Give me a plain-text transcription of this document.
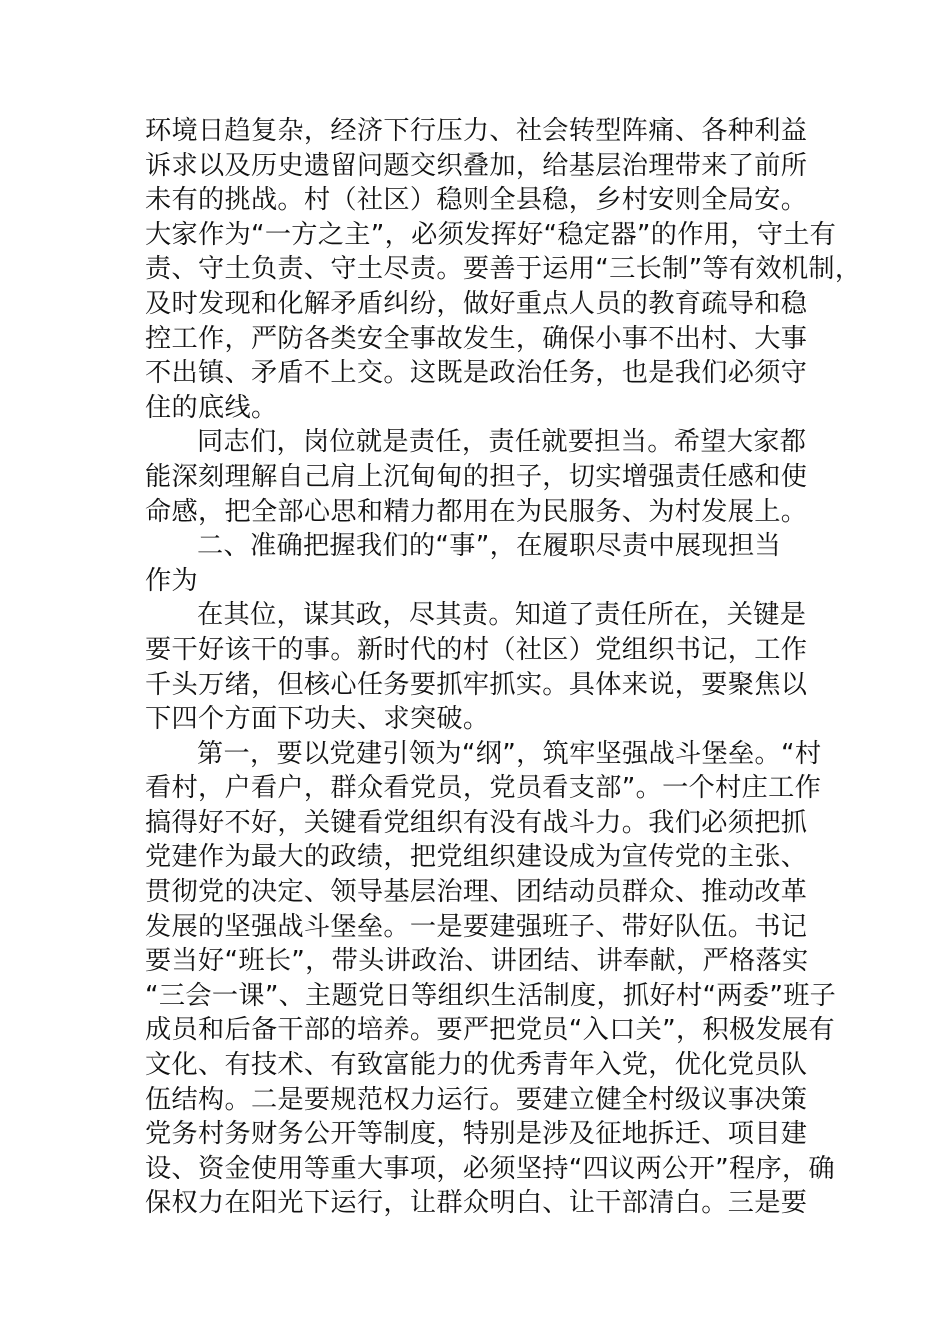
环境日趋复杂，经济下行压力、社会转型阵痛、各种利益
诉求以及历史遗留问题交织叠加，给基层治理带来了前所
未有的挑战。村（社区）稳则全县稳，乡村安则全局安。
大家作为“一方之主”，必须发挥好“稳定器”的作用，守土有
责、守土负责、守土尽责。要善于运用“三长制”等有效机制，
及时发现和化解矛盾纠纷，做好重点人员的教育疏导和稳
控工作，严防各类安全事故发生，确保小事不出村、大事
不出镇、矛盾不上交。这既是政治任务，也是我们必须守
住的底线。
同志们，岗位就是责任，责任就要担当。希望大家都
能深刻理解自己肩上沉甸甸的担子，切实增强责任感和使
命感，把全部心思和精力都用在为民服务、为村发展上。
二、准确把握我们的“事”，在履职尽责中展现担当
作为
在其位，谋其政，尽其责。知道了责任所在，关键是
要干好该干的事。新时代的村（社区）党组织书记，工作
千头万绪，但核心任务要抓牢抓实。具体来说，要聚焦以
下四个方面下功夫、求突破。
第一，要以党建引领为“纲”，筑牢坚强战斗堡垒。“村
看村，户看户，群众看党员，党员看支部”。一个村庄工作
搞得好不好，关键看党组织有没有战斗力。我们必须把抓
党建作为最大的政绩，把党组织建设成为宣传党的主张、
贯彻党的决定、领导基层治理、团结动员群众、推动改革
发展的坚强战斗堡垒。一是要建强班子、带好队伍。书记
要当好“班长”，带头讲政治、讲团结、讲奉献，严格落实
“三会一课”、主题党日等组织生活制度，抓好村“两委”班子
成员和后备干部的培养。要严把党员“入口关”，积极发展有
文化、有技术、有致富能力的优秀青年入党，优化党员队
伍结构。二是要规范权力运行。要建立健全村级议事决策
党务村务财务公开等制度，特别是涉及征地拆迁、项目建
设、资金使用等重大事项，必须坚持“四议两公开”程序，确
保权力在阳光下运行，让群众明白、让干部清白。三是要
